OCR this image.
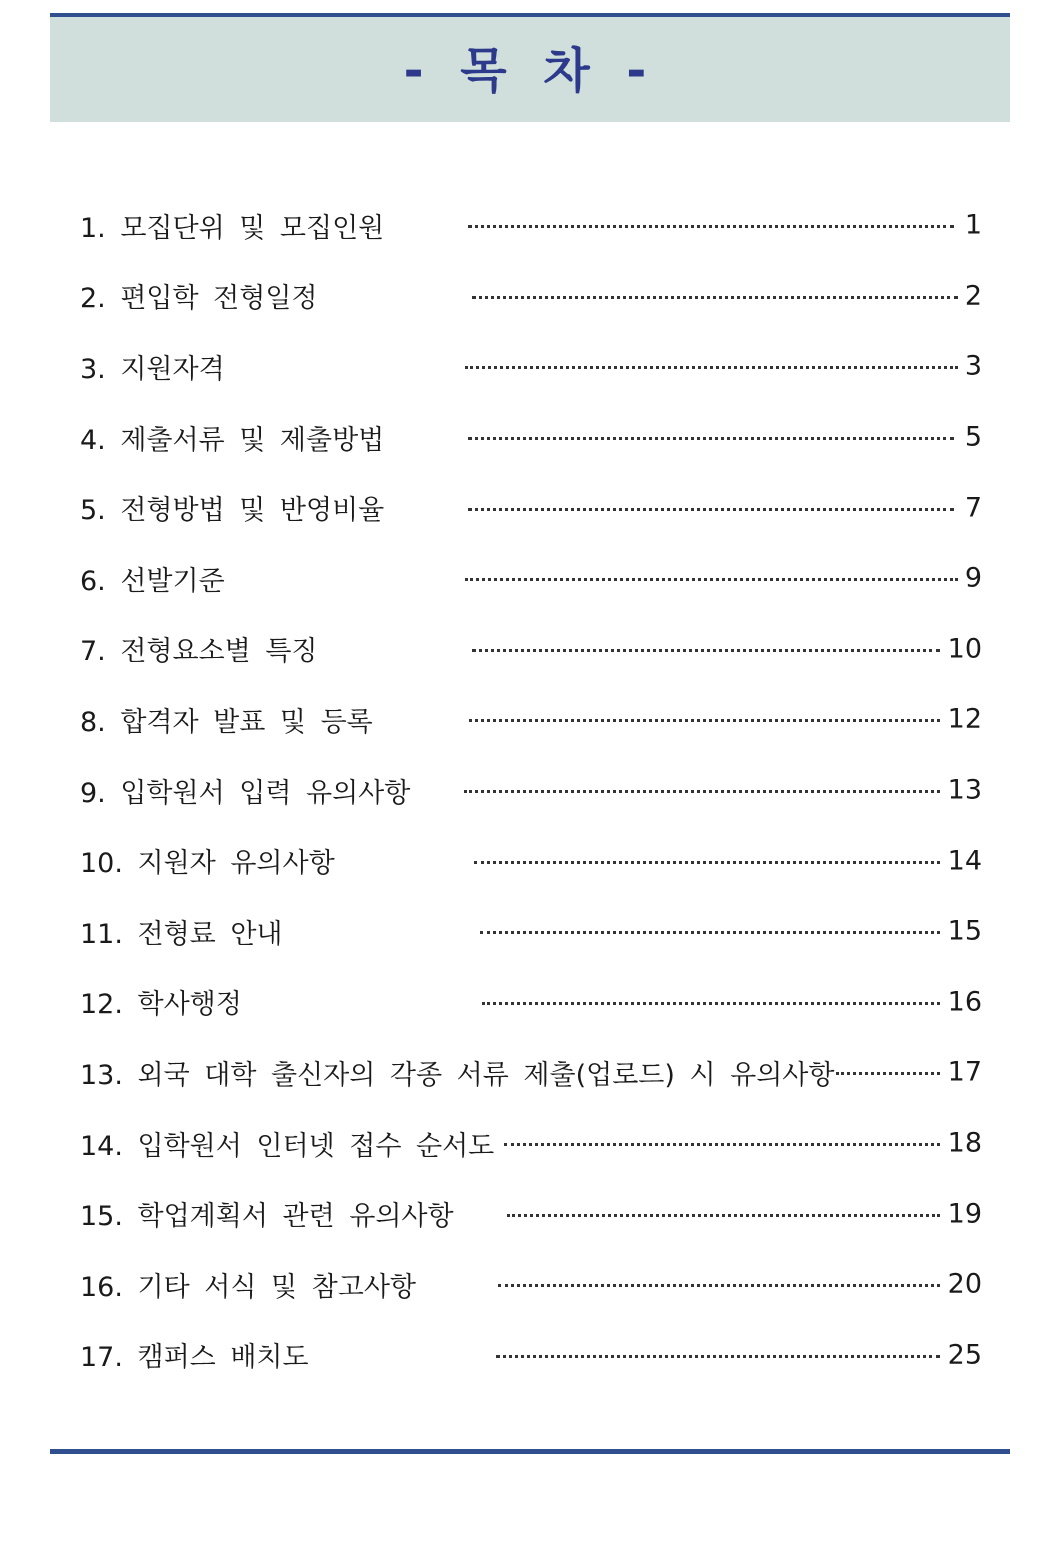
- 목 차 -
1. 모집단위 및 모집인원	1
2. 편입학 전형일정	2
3. 지원자격	3
4. 제출서류 및 제출방법	5
5. 전형방법 및 반영비율	7
6. 선발기준	9
7. 전형요소별 특징	10
8. 합격자 발표 및 등록	12
9. 입학원서 입력 유의사항	13
10. 지원자 유의사항	14
11. 전형료 안내	15
12. 학사행정	16
13. 외국 대학 출신자의 각종 서류 제출(업로드) 시 유의사항	17
14. 입학원서 인터넷 접수 순서도	18
15. 학업계획서 관련 유의사항	19
16. 기타 서식 및 참고사항	20
17. 캠퍼스 배치도	25
